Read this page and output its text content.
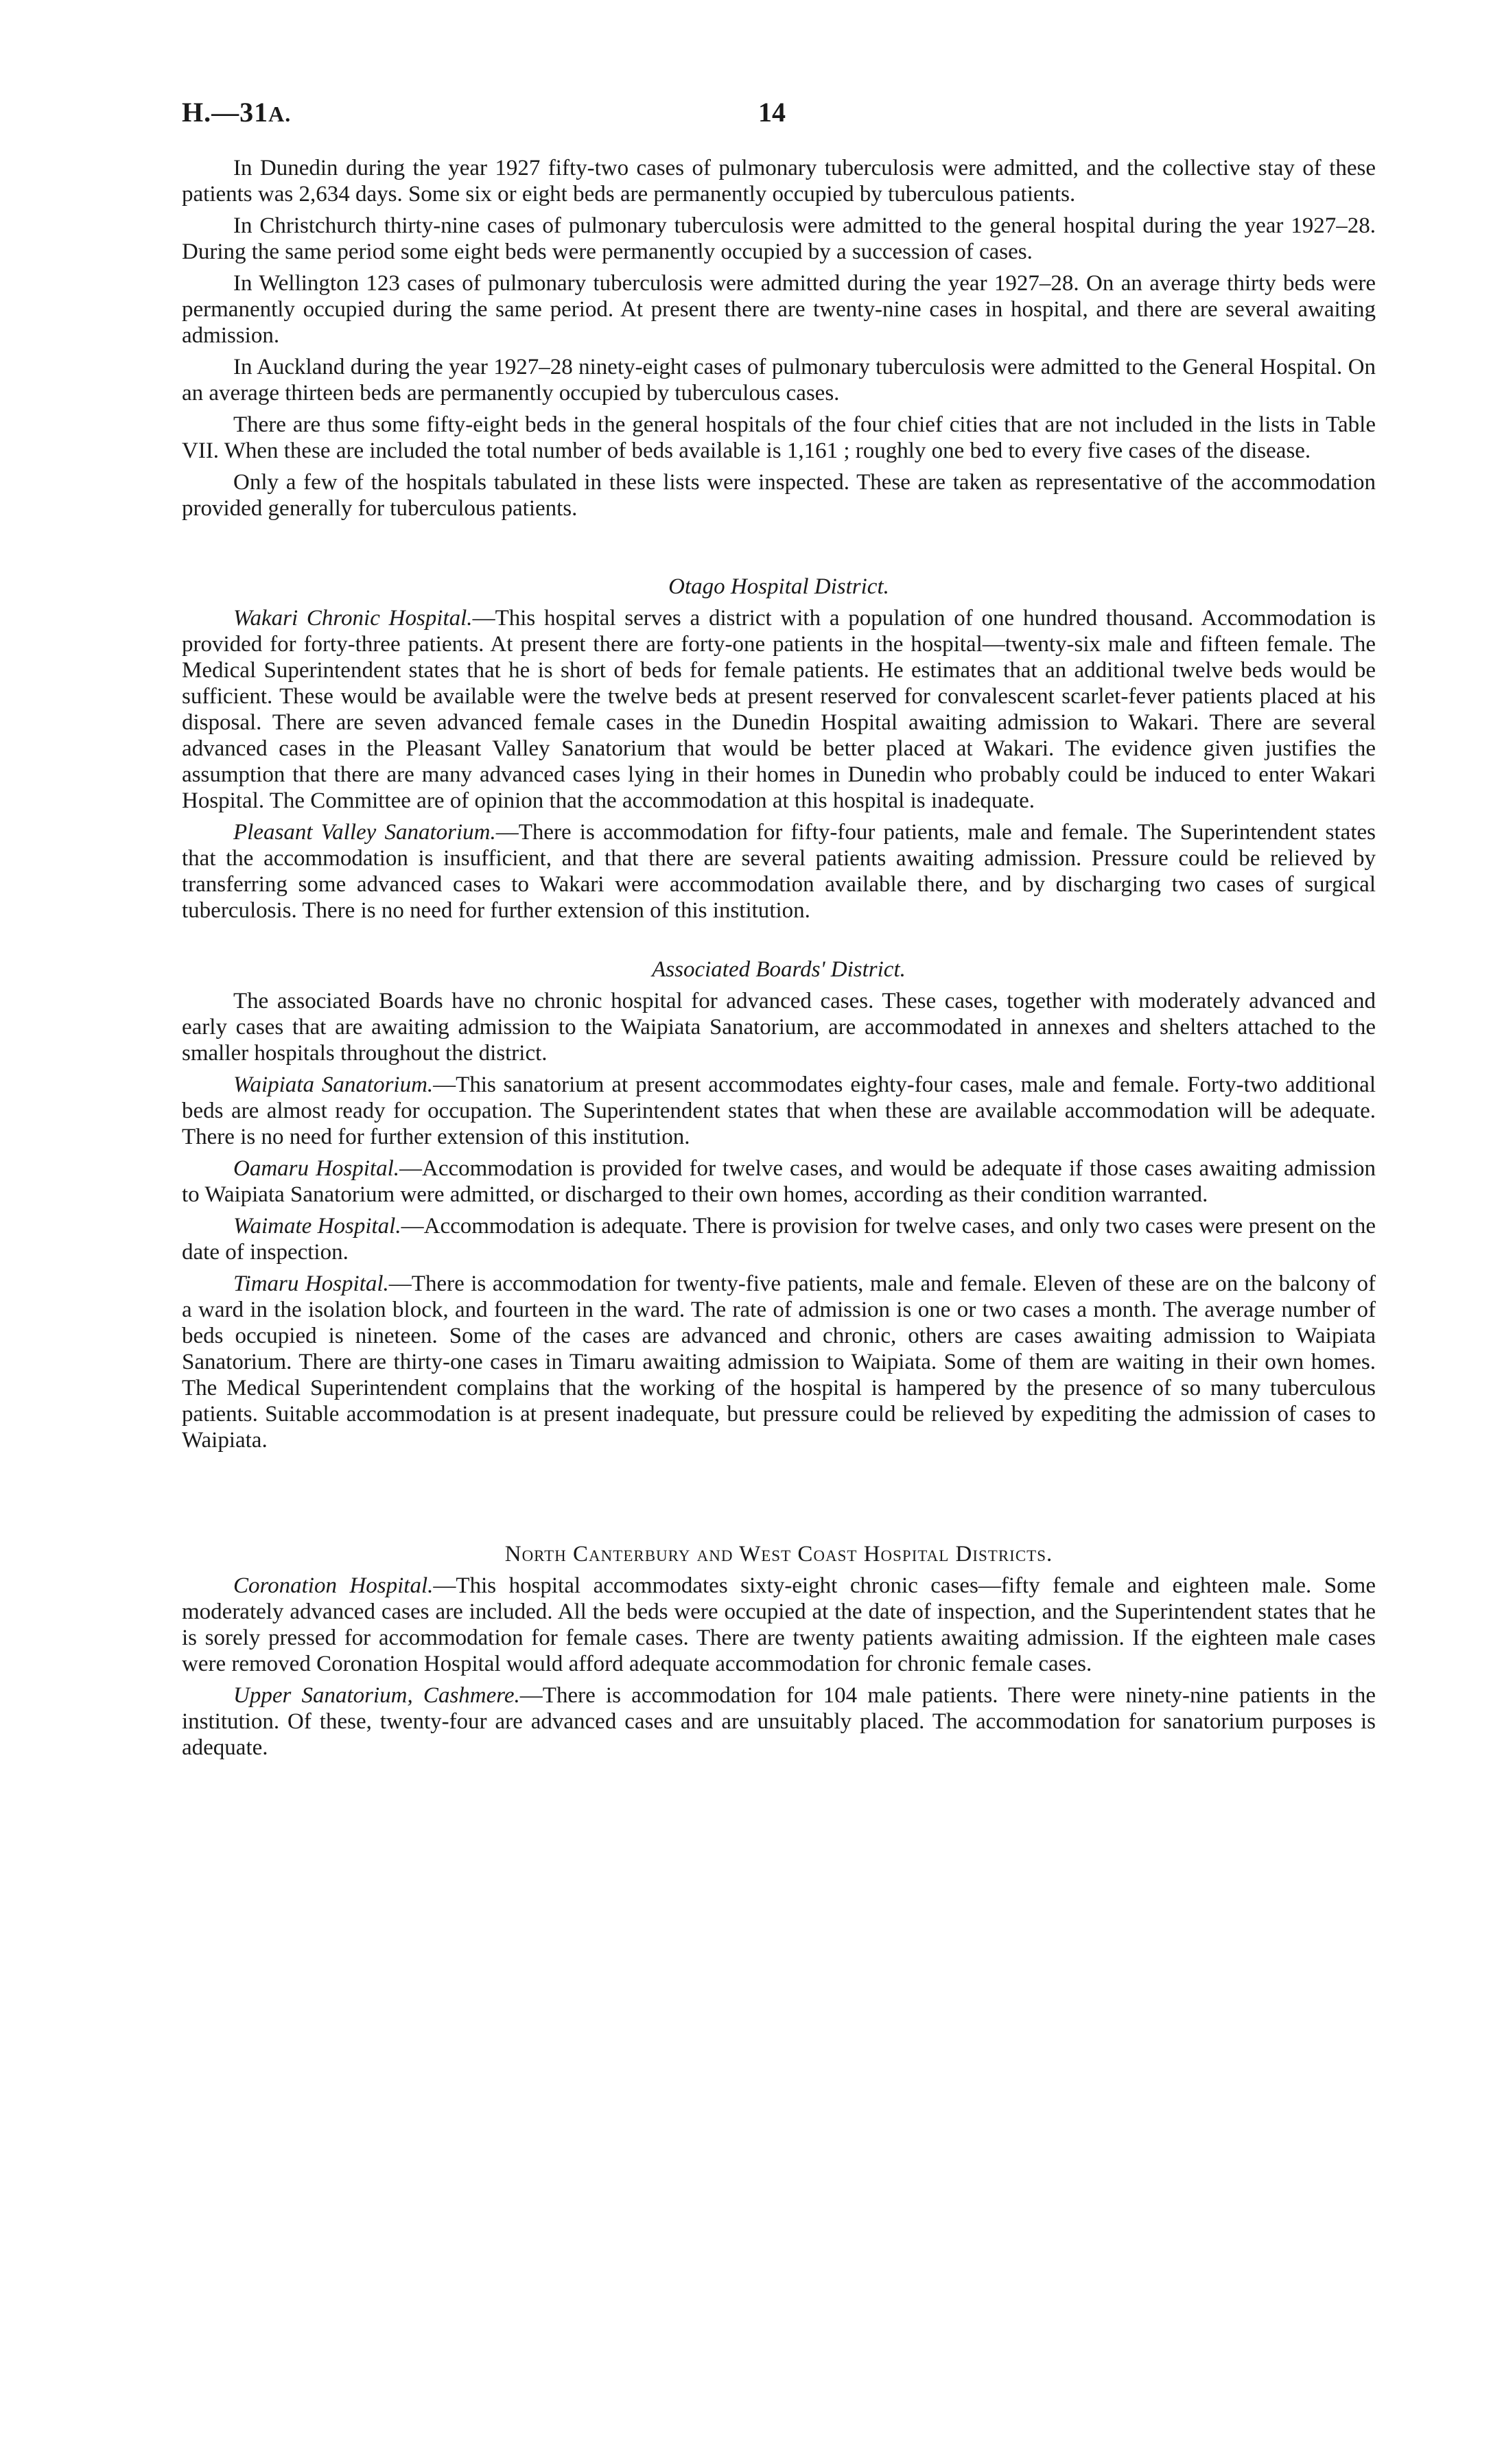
H.—31A.	14

In Dunedin during the year 1927 fifty-two cases of pulmonary tuberculosis were admitted, and the collective stay of these patients was 2,634 days. Some six or eight beds are permanently occupied by tuberculous patients.

In Christchurch thirty-nine cases of pulmonary tuberculosis were admitted to the general hospital during the year 1927–28. During the same period some eight beds were permanently occupied by a succession of cases.

In Wellington 123 cases of pulmonary tuberculosis were admitted during the year 1927–28. On an average thirty beds were permanently occupied during the same period. At present there are twenty-nine cases in hospital, and there are several awaiting admission.

In Auckland during the year 1927–28 ninety-eight cases of pulmonary tuberculosis were admitted to the General Hospital. On an average thirteen beds are permanently occupied by tuberculous cases.

There are thus some fifty-eight beds in the general hospitals of the four chief cities that are not included in the lists in Table VII. When these are included the total number of beds available is 1,161 ; roughly one bed to every five cases of the disease.

Only a few of the hospitals tabulated in these lists were inspected. These are taken as representative of the accommodation provided generally for tuberculous patients.

Otago Hospital District.

Wakari Chronic Hospital.—This hospital serves a district with a population of one hundred thousand. Accommodation is provided for forty-three patients. At present there are forty-one patients in the hospital—twenty-six male and fifteen female. The Medical Superintendent states that he is short of beds for female patients. He estimates that an additional twelve beds would be sufficient. These would be available were the twelve beds at present reserved for convalescent scarlet-fever patients placed at his disposal. There are seven advanced female cases in the Dunedin Hospital awaiting admission to Wakari. There are several advanced cases in the Pleasant Valley Sanatorium that would be better placed at Wakari. The evidence given justifies the assumption that there are many advanced cases lying in their homes in Dunedin who probably could be induced to enter Wakari Hospital. The Committee are of opinion that the accommodation at this hospital is inadequate.

Pleasant Valley Sanatorium.—There is accommodation for fifty-four patients, male and female. The Superintendent states that the accommodation is insufficient, and that there are several patients awaiting admission. Pressure could be relieved by transferring some advanced cases to Wakari were accommodation available there, and by discharging two cases of surgical tuberculosis. There is no need for further extension of this institution.

Associated Boards' District.

The associated Boards have no chronic hospital for advanced cases. These cases, together with moderately advanced and early cases that are awaiting admission to the Waipiata Sanatorium, are accommodated in annexes and shelters attached to the smaller hospitals throughout the district.

Waipiata Sanatorium.—This sanatorium at present accommodates eighty-four cases, male and female. Forty-two additional beds are almost ready for occupation. The Superintendent states that when these are available accommodation will be adequate. There is no need for further extension of this institution.

Oamaru Hospital.—Accommodation is provided for twelve cases, and would be adequate if those cases awaiting admission to Waipiata Sanatorium were admitted, or discharged to their own homes, according as their condition warranted.

Waimate Hospital.—Accommodation is adequate. There is provision for twelve cases, and only two cases were present on the date of inspection.

Timaru Hospital.—There is accommodation for twenty-five patients, male and female. Eleven of these are on the balcony of a ward in the isolation block, and fourteen in the ward. The rate of admission is one or two cases a month. The average number of beds occupied is nineteen. Some of the cases are advanced and chronic, others are cases awaiting admission to Waipiata Sanatorium. There are thirty-one cases in Timaru awaiting admission to Waipiata. Some of them are waiting in their own homes. The Medical Superintendent complains that the working of the hospital is hampered by the presence of so many tuberculous patients. Suitable accommodation is at present inadequate, but pressure could be relieved by expediting the admission of cases to Waipiata.

North Canterbury and West Coast Hospital Districts.

Coronation Hospital.—This hospital accommodates sixty-eight chronic cases—fifty female and eighteen male. Some moderately advanced cases are included. All the beds were occupied at the date of inspection, and the Superintendent states that he is sorely pressed for accommodation for female cases. There are twenty patients awaiting admission. If the eighteen male cases were removed Coronation Hospital would afford adequate accommodation for chronic female cases.

Upper Sanatorium, Cashmere.—There is accommodation for 104 male patients. There were ninety-nine patients in the institution. Of these, twenty-four are advanced cases and are unsuitably placed. The accommodation for sanatorium purposes is adequate.
